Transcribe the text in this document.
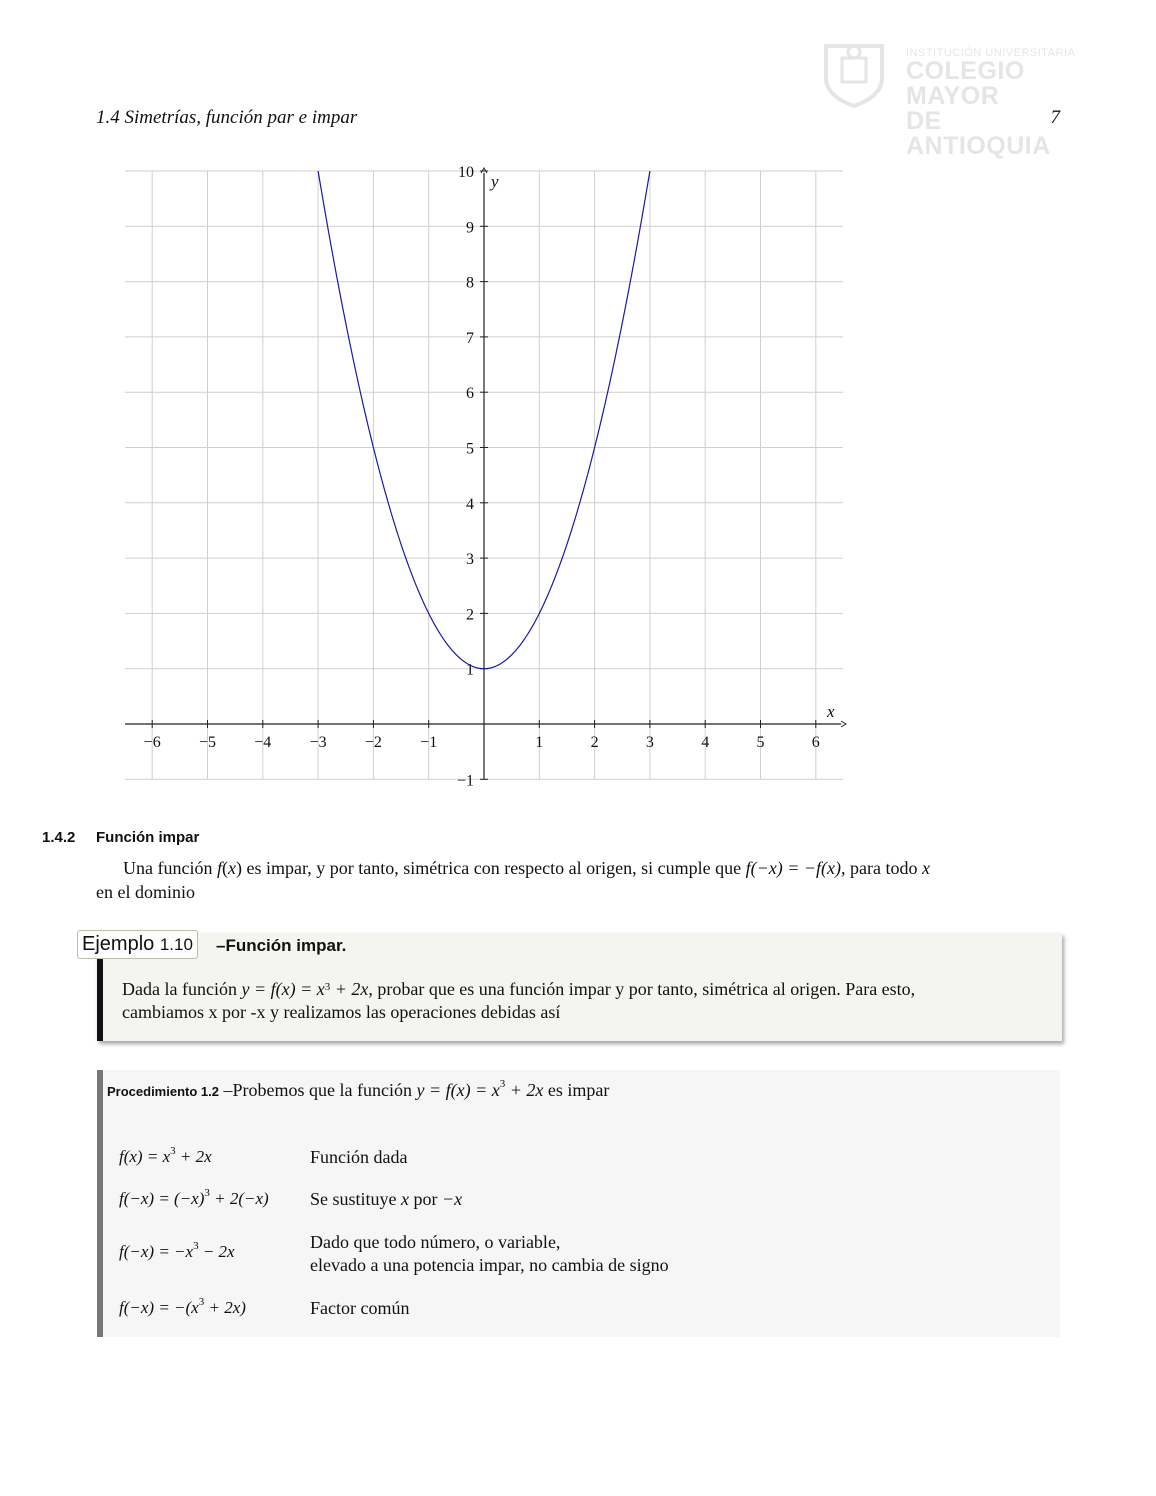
1.4 Simetrías, función par e impar	7
INSTITUCIÓN UNIVERSITARIA
COLEGIO MAYOR
DE ANTIOQUIA
−6 −5 −4 −3 −2 −1	1	2	3	4	5	6
−1
1
2
3
4
5
6
7
8
9
10
x
y
1.4.2 Función impar
Una función f(x) es impar, y por tanto, simétrica con respecto al origen, si cumple que f(−x) = −f(x), para todo x
en el dominio
Ejemplo 1.10 –Función impar.
Dada la función $y = f(x) = x^3 + 2x$, probar que es una función impar y por tanto, simétrica al origen. Para esto,
cambiamos x por -x y realizamos las operaciones debidas así
Procedimiento 1.2 –Probemos que la función $y = f(x) = x^3 + 2x$ es impar
$f(x) = x^3 + 2x$	Función dada
$f(-x) = (-x)^3 + 2(-x)$ Se sustituye x por −x
$f(-x) = -x^3 - 2x$	Dado que todo número, o variable,
elevado a una potencia impar, no cambia de signo
$f(-x) = -(x^3 + 2x)$	Factor común
